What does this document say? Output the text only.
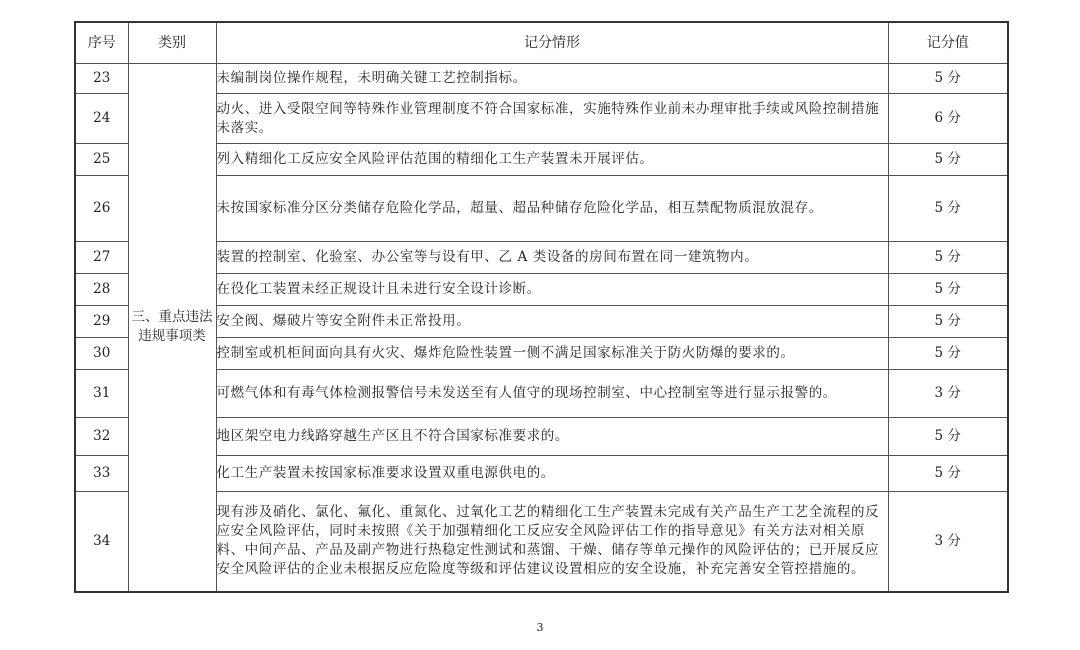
序号	类别	记分情形	记分值
23	三、重点违法违规事项类	未编制岗位操作规程，未明确关键工艺控制指标。	5 分
24		动火、进入受限空间等特殊作业管理制度不符合国家标准，实施特殊作业前未办理审批手续或风险控制措施未落实。	6 分
25		列入精细化工反应安全风险评估范围的精细化工生产装置未开展评估。	5 分
26		未按国家标准分区分类储存危险化学品，超量、超品种储存危险化学品，相互禁配物质混放混存。	5 分
27		装置的控制室、化验室、办公室等与设有甲、乙 A 类设备的房间布置在同一建筑物内。	5 分
28		在役化工装置未经正规设计且未进行安全设计诊断。	5 分
29		安全阀、爆破片等安全附件未正常投用。	5 分
30		控制室或机柜间面向具有火灾、爆炸危险性装置一侧不满足国家标准关于防火防爆的要求的。	5 分
31		可燃气体和有毒气体检测报警信号未发送至有人值守的现场控制室、中心控制室等进行显示报警的。	3 分
32		地区架空电力线路穿越生产区且不符合国家标准要求的。	5 分
33		化工生产装置未按国家标准要求设置双重电源供电的。	5 分
34		现有涉及硝化、氯化、氟化、重氮化、过氧化工艺的精细化工生产装置未完成有关产品生产工艺全流程的反应安全风险评估，同时未按照《关于加强精细化工反应安全风险评估工作的指导意见》有关方法对相关原料、中间产品、产品及副产物进行热稳定性测试和蒸馏、干燥、储存等单元操作的风险评估的；已开展反应安全风险评估的企业未根据反应危险度等级和评估建议设置相应的安全设施，补充完善安全管控措施的。	3 分
3
